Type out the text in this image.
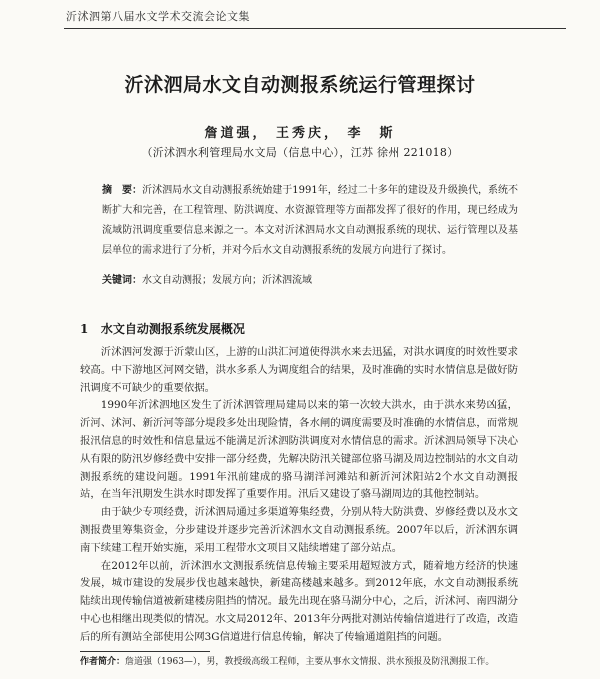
沂沭泗第八届水文学术交流会论文集
沂沭泗局水文自动测报系统运行管理探讨
詹道强， 王秀庆， 李　斯
（沂沭泗水利管理局水文局（信息中心），江苏 徐州 221018）
摘　要：沂沭泗局水文自动测报系统始建于1991年，经过二十多年的建设及升级换代，系统不断扩大和完善，在工程管理、防洪调度、水资源管理等方面都发挥了很好的作用，现已经成为流域防汛调度重要信息来源之一。本文对沂沭泗局水文自动测报系统的现状、运行管理以及基层单位的需求进行了分析，并对今后水文自动测报系统的发展方向进行了探讨。
关键词：水文自动测报；发展方向；沂沭泗流域
1 水文自动测报系统发展概况

沂沭泗河发源于沂蒙山区，上游的山洪汇河道使得洪水来去迅猛，对洪水调度的时效性要求较高。中下游地区河网交错，洪水多系人为调度组合的结果，及时准确的实时水情信息是做好防汛调度不可缺少的重要依据。

1990年沂沭泗地区发生了沂沭泗管理局建局以来的第一次较大洪水，由于洪水来势凶猛，沂河、沭河、新沂河等部分堤段多处出现险情，各水闸的调度需要及时准确的水情信息，而常规报汛信息的时效性和信息量远不能满足沂沭泗防洪调度对水情信息的需求。沂沭泗局领导下决心从有限的防汛岁修经费中安排一部分经费，先解决防汛关键部位骆马湖及周边控制站的水文自动测报系统的建设问题。1991年汛前建成的骆马湖洋河滩站和新沂河沭阳站2个水文自动测报站，在当年汛期发生洪水时即发挥了重要作用。汛后又建设了骆马湖周边的其他控制站。

由于缺少专项经费，沂沭泗局通过多渠道筹集经费，分别从特大防洪费、岁修经费以及水文测报费里筹集资金，分步建设并逐步完善沂沭泗水文自动测报系统。2007年以后，沂沭泗东调南下续建工程开始实施，采用工程带水文项目又陆续增建了部分站点。

在2012年以前，沂沭泗水文测报系统信息传输主要采用超短波方式，随着地方经济的快速发展，城市建设的发展步伐也越来越快，新建高楼越来越多。到2012年底，水文自动测报系统陆续出现传输信道被新建楼房阻挡的情况。最先出现在骆马湖分中心，之后，沂沭河、南四湖分中心也相继出现类似的情况。水文局2012年、2013年分两批对测站传输信道进行了改造，改造后的所有测站全部使用公网3G信道进行信息传输，解决了传输通道阻挡的问题。

作者简介：詹道强（1963—），男，教授级高级工程师，主要从事水文情报、洪水预报及防汛测报工作。
